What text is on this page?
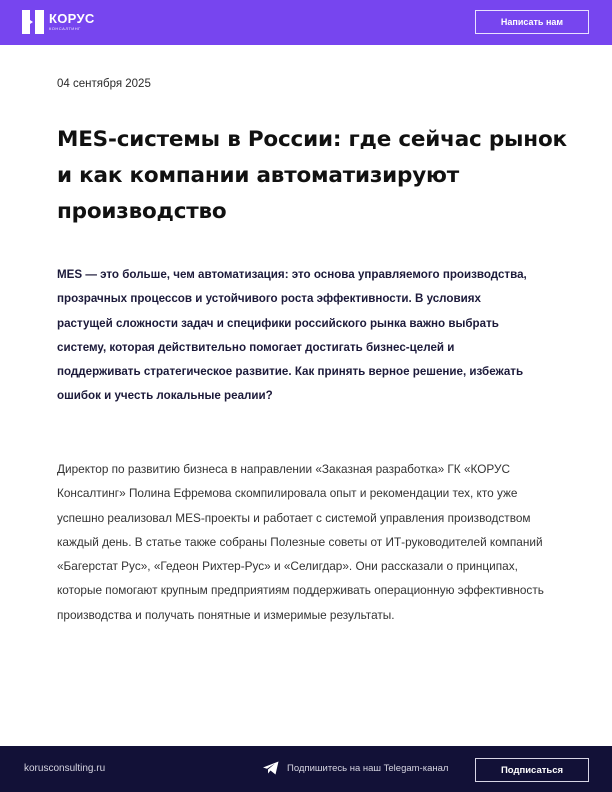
КОРУС
КОНСАЛТИНГ
Написать нам
04 сентября 2025
MES-системы в России: где сейчас рынок и как компании автоматизируют производство

MES — это больше, чем автоматизация: это основа управляемого производства, прозрачных процессов и устойчивого роста эффективности. В условиях растущей сложности задач и специфики российского рынка важно выбрать систему, которая действительно помогает достигать бизнес-целей и поддерживать стратегическое развитие. Как принять верное решение, избежать ошибок и учесть локальные реалии?

Директор по развитию бизнеса в направлении «Заказная разработка» ГК «КОРУС Консалтинг» Полина Ефремова скомпилировала опыт и рекомендации тех, кто уже успешно реализовал MES-проекты и работает с системой управления производством каждый день. В статье также собраны Полезные советы от ИТ-руководителей компаний «Багерстат Рус», «Гедеон Рихтер-Рус» и «Селигдар». Они рассказали о принципах, которые помогают крупным предприятиям поддерживать операционную эффективность производства и получать понятные и измеримые результаты.

korusconsulting.ru	Подпишитесь на наш Telegam-канал	Подписаться
